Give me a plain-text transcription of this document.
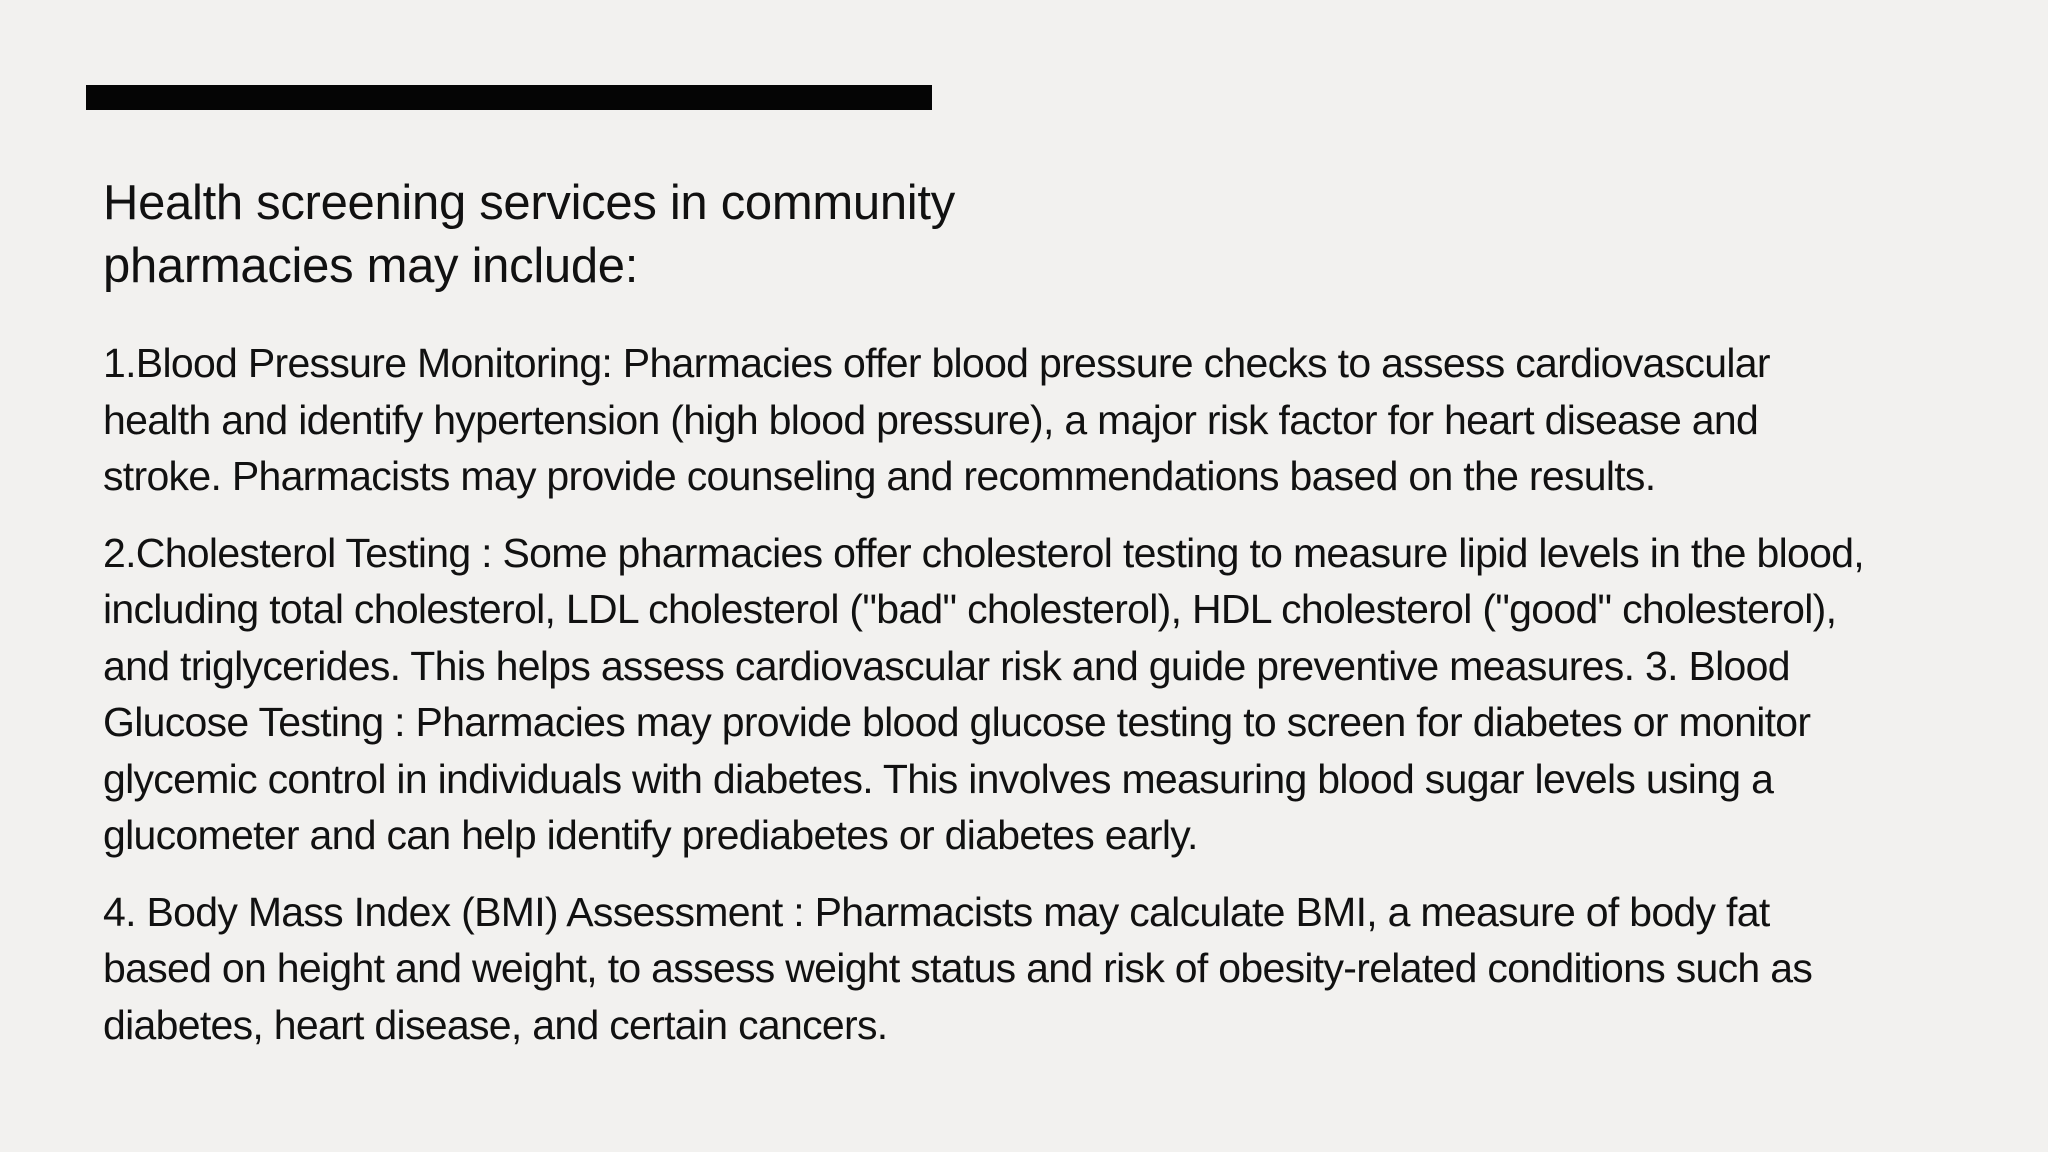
Health screening services in community
pharmacies may include:

1.Blood Pressure Monitoring: Pharmacies offer blood pressure checks to assess cardiovascular health and identify hypertension (high blood pressure), a major risk factor for heart disease and stroke. Pharmacists may provide counseling and recommendations based on the results.

2.Cholesterol Testing : Some pharmacies offer cholesterol testing to measure lipid levels in the blood, including total cholesterol, LDL cholesterol ("bad" cholesterol), HDL cholesterol ("good" cholesterol), and triglycerides. This helps assess cardiovascular risk and guide preventive measures. 3. Blood Glucose Testing : Pharmacies may provide blood glucose testing to screen for diabetes or monitor glycemic control in individuals with diabetes. This involves measuring blood sugar levels using a glucometer and can help identify prediabetes or diabetes early.

4. Body Mass Index (BMI) Assessment : Pharmacists may calculate BMI, a measure of body fat based on height and weight, to assess weight status and risk of obesity-related conditions such as diabetes, heart disease, and certain cancers.
